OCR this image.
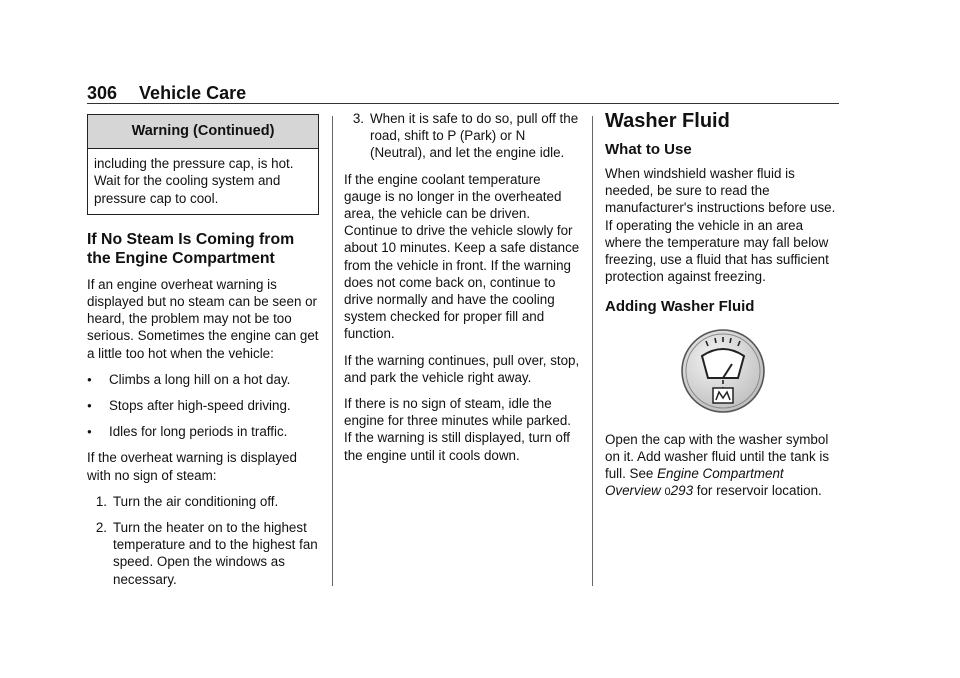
306 Vehicle Care
Warning (Continued)
including the pressure cap, is hot. Wait for the cooling system and pressure cap to cool.
If No Steam Is Coming from the Engine Compartment

If an engine overheat warning is displayed but no steam can be seen or heard, the problem may not be too serious. Sometimes the engine can get a little too hot when the vehicle:

●	Climbs a long hill on a hot day.
●	Stops after high-speed driving.
●	Idles for long periods in traffic.

If the overheat warning is displayed with no sign of steam:

1. Turn the air conditioning off.
2. Turn the heater on to the highest temperature and to the highest fan speed. Open the windows as necessary.
3. When it is safe to do so, pull off the road, shift to P (Park) or N (Neutral), and let the engine idle.

If the engine coolant temperature gauge is no longer in the overheated area, the vehicle can be driven. Continue to drive the vehicle slowly for about 10 minutes. Keep a safe distance from the vehicle in front. If the warning does not come back on, continue to drive normally and have the cooling system checked for proper fill and function.

If the warning continues, pull over, stop, and park the vehicle right away.

If there is no sign of steam, idle the engine for three minutes while parked. If the warning is still displayed, turn off the engine until it cools down.

Washer Fluid
What to Use

When windshield washer fluid is needed, be sure to read the manufacturer's instructions before use. If operating the vehicle in an area where the temperature may fall below freezing, use a fluid that has sufficient protection against freezing.

Adding Washer Fluid

Open the cap with the washer symbol on it. Add washer fluid until the tank is full. See Engine Compartment Overview 0293 for reservoir location.
